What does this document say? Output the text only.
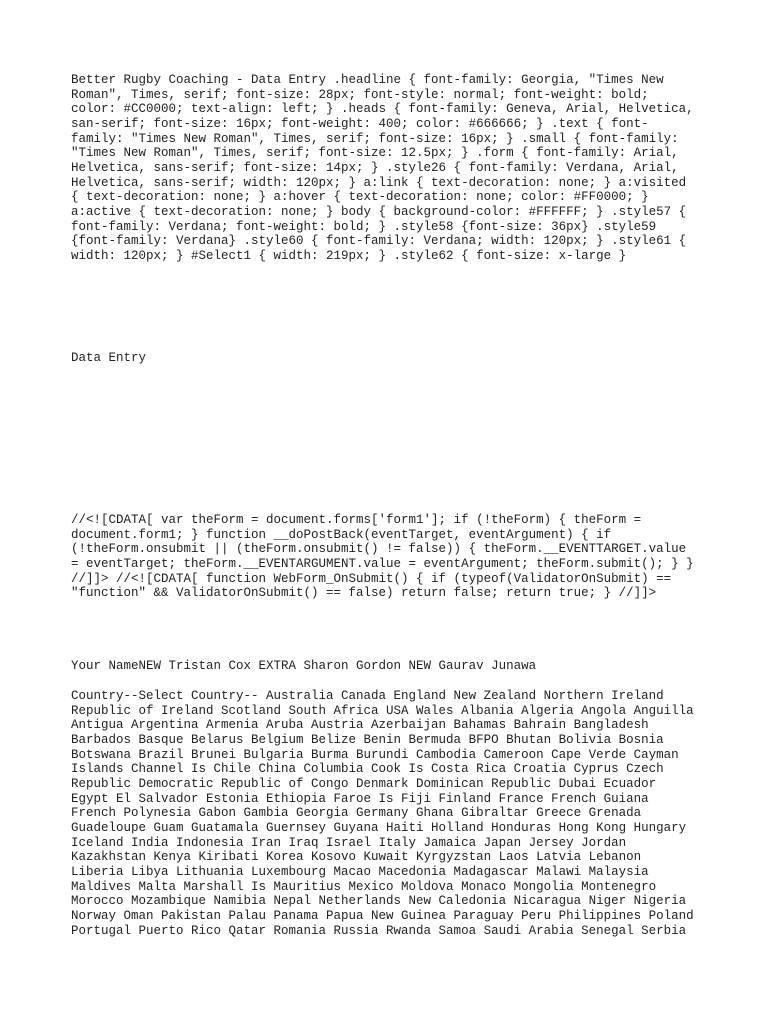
Better Rugby Coaching - Data Entry .headline { font-family: Georgia, "Times New Roman", Times, serif; font-size: 28px; font-style: normal; font-weight: bold; color: #CC0000; text-align: left; } .heads { font-family: Geneva, Arial, Helvetica, san-serif; font-size: 16px; font-weight: 400; color: #666666; } .text { font-family: "Times New Roman", Times, serif; font-size: 16px; } .small { font-family: "Times New Roman", Times, serif; font-size: 12.5px; } .form { font-family: Arial, Helvetica, sans-serif; font-size: 14px; } .style26 { font-family: Verdana, Arial, Helvetica, sans-serif; width: 120px; } a:link { text-decoration: none; } a:visited { text-decoration: none; } a:hover { text-decoration: none; color: #FF0000; } a:active { text-decoration: none; } body { background-color: #FFFFFF; } .style57 { font-family: Verdana; font-weight: bold; } .style58 {font-size: 36px} .style59 {font-family: Verdana} .style60 { font-family: Verdana; width: 120px; } .style61 { width: 120px; } #Select1 { width: 219px; } .style62 { font-size: x-large }

Data Entry

//<![CDATA[ var theForm = document.forms['form1']; if (!theForm) { theForm = document.form1; } function __doPostBack(eventTarget, eventArgument) { if (!theForm.onsubmit || (theForm.onsubmit() != false)) { theForm.__EVENTTARGET.value = eventTarget; theForm.__EVENTARGUMENT.value = eventArgument; theForm.submit(); } } //]]> //<![CDATA[ function WebForm_OnSubmit() { if (typeof(ValidatorOnSubmit) == "function" && ValidatorOnSubmit() == false) return false; return true; } //]]>

Your NameNEW Tristan Cox EXTRA Sharon Gordon NEW Gaurav Junawa

Country--Select Country-- Australia Canada England New Zealand Northern Ireland Republic of Ireland Scotland South Africa USA Wales Albania Algeria Angola Anguilla Antigua Argentina Armenia Aruba Austria Azerbaijan Bahamas Bahrain Bangladesh Barbados Basque Belarus Belgium Belize Benin Bermuda BFPO Bhutan Bolivia Bosnia Botswana Brazil Brunei Bulgaria Burma Burundi Cambodia Cameroon Cape Verde Cayman Islands Channel Is Chile China Columbia Cook Is Costa Rica Croatia Cyprus Czech Republic Democratic Republic of Congo Denmark Dominican Republic Dubai Ecuador Egypt El Salvador Estonia Ethiopia Faroe Is Fiji Finland France French Guiana French Polynesia Gabon Gambia Georgia Germany Ghana Gibraltar Greece Grenada Guadeloupe Guam Guatamala Guernsey Guyana Haiti Holland Honduras Hong Kong Hungary Iceland India Indonesia Iran Iraq Israel Italy Jamaica Japan Jersey Jordan Kazakhstan Kenya Kiribati Korea Kosovo Kuwait Kyrgyzstan Laos Latvia Lebanon Liberia Libya Lithuania Luxembourg Macao Macedonia Madagascar Malawi Malaysia Maldives Malta Marshall Is Mauritius Mexico Moldova Monaco Mongolia Montenegro Morocco Mozambique Namibia Nepal Netherlands New Caledonia Nicaragua Niger Nigeria Norway Oman Pakistan Palau Panama Papua New Guinea Paraguay Peru Philippines Poland Portugal Puerto Rico Qatar Romania Russia Rwanda Samoa Saudi Arabia Senegal Serbia
